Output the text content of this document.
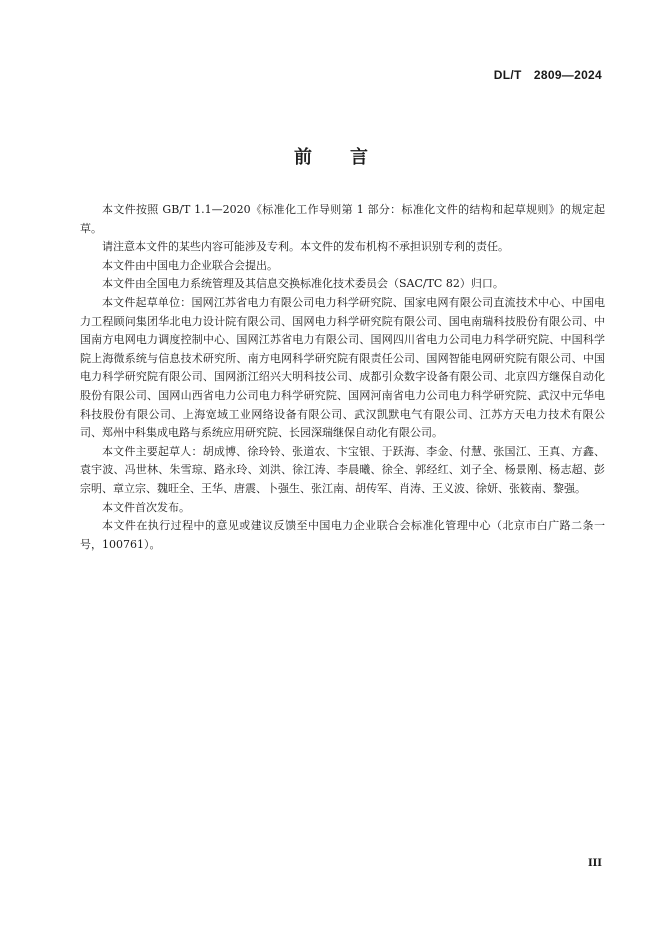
DL/T　2809—2024
前言

本文件按照 GB/T 1.1—2020《标准化工作导则第 1 部分：标准化文件的结构和起草规则》的规定起草。

请注意本文件的某些内容可能涉及专利。本文件的发布机构不承担识别专利的责任。

本文件由中国电力企业联合会提出。

本文件由全国电力系统管理及其信息交换标准化技术委员会（SAC/TC 82）归口。

本文件起草单位：国网江苏省电力有限公司电力科学研究院、国家电网有限公司直流技术中心、中国电力工程顾问集团华北电力设计院有限公司、国网电力科学研究院有限公司、国电南瑞科技股份有限公司、中国南方电网电力调度控制中心、国网江苏省电力有限公司、国网四川省电力公司电力科学研究院、中国科学院上海微系统与信息技术研究所、南方电网科学研究院有限责任公司、国网智能电网研究院有限公司、中国电力科学研究院有限公司、国网浙江绍兴大明科技公司、成都引众数字设备有限公司、北京四方继保自动化股份有限公司、国网山西省电力公司电力科学研究院、国网河南省电力公司电力科学研究院、武汉中元华电科技股份有限公司、上海宽域工业网络设备有限公司、武汉凯默电气有限公司、江苏方天电力技术有限公司、郑州中科集成电路与系统应用研究院、长园深瑞继保自动化有限公司。

本文件主要起草人：胡成博、徐玲铃、张道农、卞宝银、于跃海、李金、付慧、张国江、王真、方鑫、袁宇波、冯世林、朱雪琼、路永玲、刘洪、徐江涛、李晨曦、徐全、郭经红、刘子全、杨景刚、杨志超、彭宗明、章立宗、魏旺全、王华、唐震、卜强生、张江南、胡传军、肖涛、王义波、徐妍、张筱南、黎强。

本文件首次发布。

本文件在执行过程中的意见或建议反馈至中国电力企业联合会标准化管理中心（北京市白广路二条一号，100761）。

III
